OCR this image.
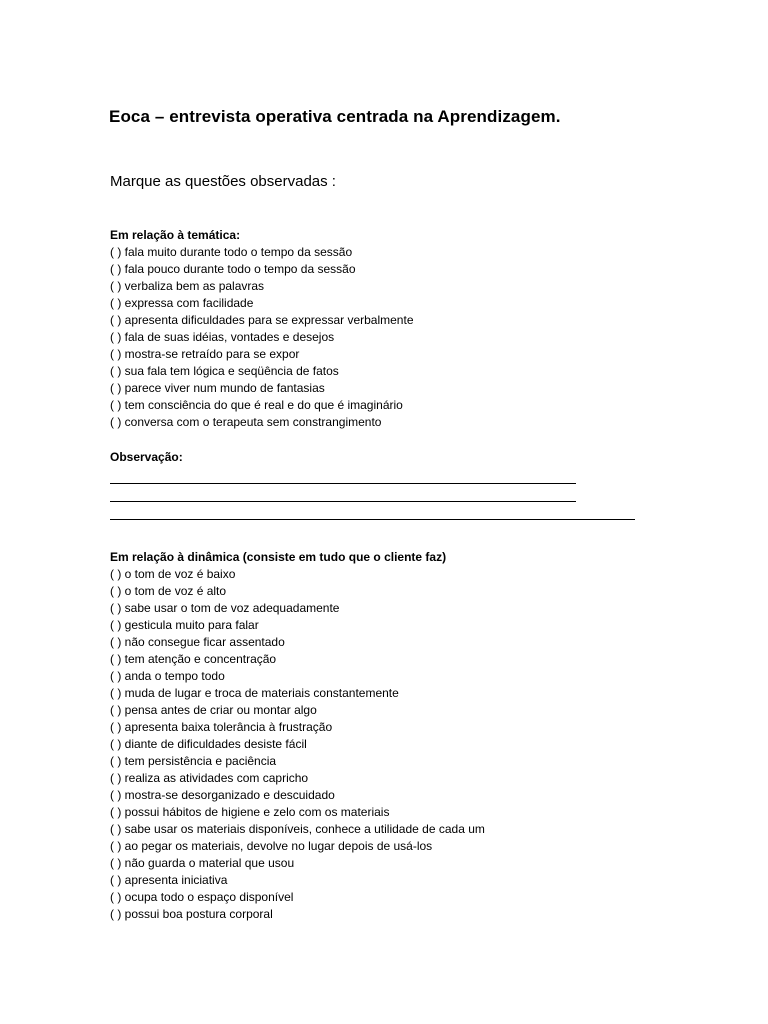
Eoca – entrevista operativa centrada na Aprendizagem.
Marque as questões observadas :
Em relação à temática:
( ) fala muito durante todo o tempo da sessão
( ) fala pouco durante todo o tempo da sessão
( ) verbaliza bem as palavras
( ) expressa com facilidade
( ) apresenta dificuldades para se expressar verbalmente
( ) fala de suas idéias, vontades e desejos
( ) mostra-se retraído para se expor
( ) sua fala tem lógica e seqüência de fatos
( ) parece viver num mundo de fantasias
( ) tem consciência do que é real e do que é imaginário
( ) conversa com o terapeuta sem constrangimento
Observação:
Em relação à dinâmica (consiste em tudo que o cliente faz)
( ) o tom de voz é baixo
( ) o tom de voz é alto
( ) sabe usar o tom de voz adequadamente
( ) gesticula muito para falar
( ) não consegue ficar assentado
( ) tem atenção e concentração
( ) anda o tempo todo
( ) muda de lugar e troca de materiais constantemente
( ) pensa antes de criar ou montar algo
( ) apresenta baixa tolerância à frustração
( ) diante de dificuldades desiste fácil
( ) tem persistência e paciência
( ) realiza as atividades com capricho
( ) mostra-se desorganizado e descuidado
( ) possui hábitos de higiene e zelo com os materiais
( ) sabe usar os materiais disponíveis, conhece a utilidade de cada um
( ) ao pegar os materiais, devolve no lugar depois de usá-los
( ) não guarda o material que usou
( ) apresenta iniciativa
( ) ocupa todo o espaço disponível
( ) possui boa postura corporal
